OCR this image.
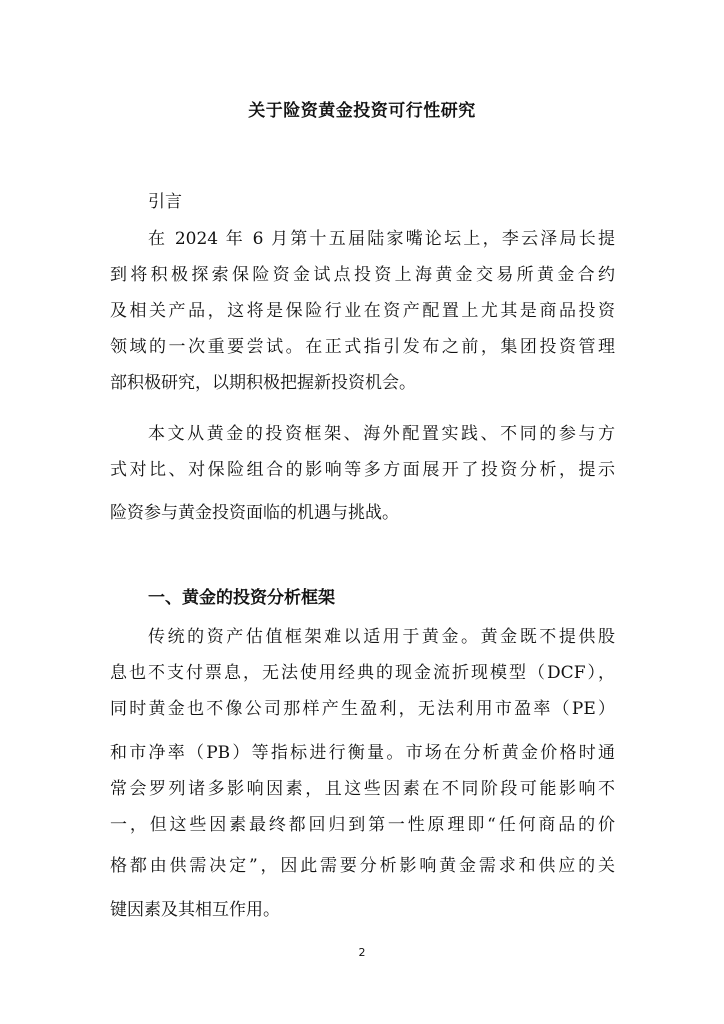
关于险资黄金投资可行性研究
引言
在 2024 年 6 月第十五届陆家嘴论坛上，李云泽局长提
到将积极探索保险资金试点投资上海黄金交易所黄金合约
及相关产品，这将是保险行业在资产配置上尤其是商品投资
领域的一次重要尝试。在正式指引发布之前，集团投资管理
部积极研究，以期积极把握新投资机会。
本文从黄金的投资框架、海外配置实践、不同的参与方
式对比、对保险组合的影响等多方面展开了投资分析，提示
险资参与黄金投资面临的机遇与挑战。
一、黄金的投资分析框架
传统的资产估值框架难以适用于黄金。黄金既不提供股
息也不支付票息，无法使用经典的现金流折现模型（DCF），
同时黄金也不像公司那样产生盈利，无法利用市盈率（PE）
和市净率（PB）等指标进行衡量。市场在分析黄金价格时通
常会罗列诸多影响因素，且这些因素在不同阶段可能影响不
一，但这些因素最终都回归到第一性原理即“任何商品的价
格都由供需决定”，因此需要分析影响黄金需求和供应的关
键因素及其相互作用。
2
